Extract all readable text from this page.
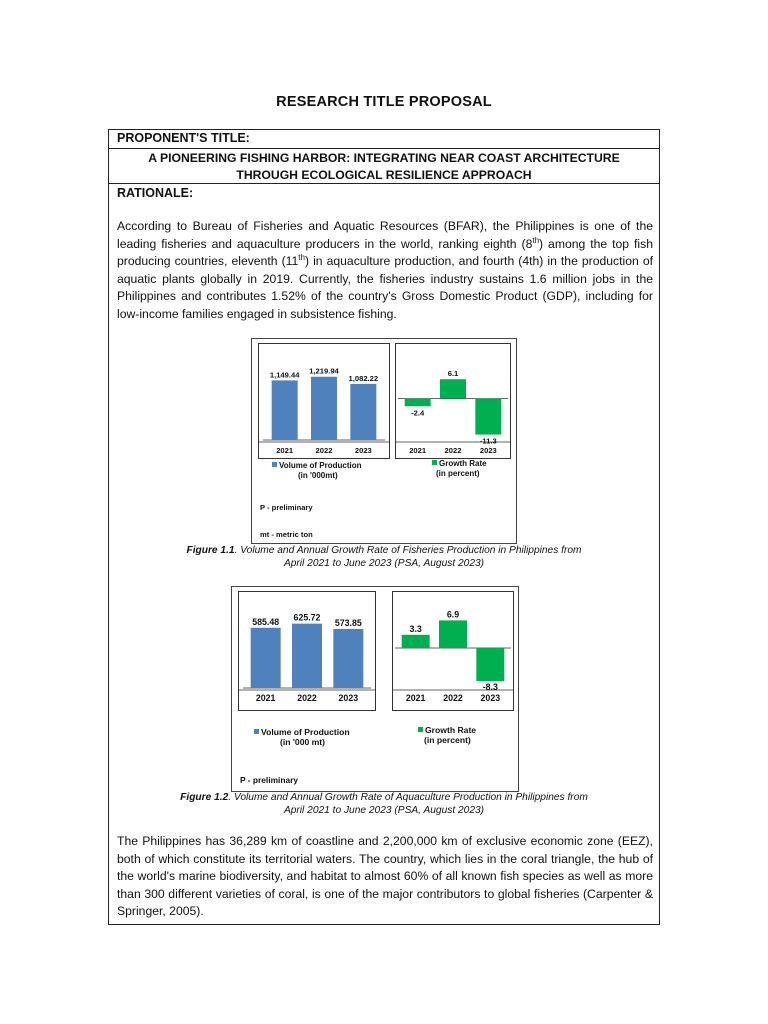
RESEARCH TITLE PROPOSAL
PROPONENT'S TITLE:
A PIONEERING FISHING HARBOR: INTEGRATING NEAR COAST ARCHITECTURE
THROUGH ECOLOGICAL RESILIENCE APPROACH
RATIONALE:

According to Bureau of Fisheries and Aquatic Resources (BFAR), the Philippines is one of the leading fisheries and aquaculture producers in the world, ranking eighth (8th) among the top fish producing countries, eleventh (11th) in aquaculture production, and fourth (4th) in the production of aquatic plants globally in 2019. Currently, the fisheries industry sustains 1.6 million jobs in the Philippines and contributes 1.52% of the country's Gross Domestic Product (GDP), including for low-income families engaged in subsistence fishing.

1,149.44
2021
1,219.94
2022
1,082.22
2023
-2.4
2021
6.1
2022
-11.3
2023
Volume of Production
(in '000mt)
Growth Rate
(in percent)

P - preliminary

mt - metric ton

Figure 1.1. Volume and Annual Growth Rate of Fisheries Production in Philippines from
April 2021 to June 2023 (PSA, August 2023)
585.48
2021
625.72
2022
573.85
2023
3.3
2021
6.9
2022
-8.3
2023
Volume of Production
(in '000 mt)
Growth Rate
(in percent)

P - preliminary

Figure 1.2. Volume and Annual Growth Rate of Aquaculture Production in Philippines from
April 2021 to June 2023 (PSA, August 2023)

The Philippines has 36,289 km of coastline and 2,200,000 km of exclusive economic zone (EEZ), both of which constitute its territorial waters. The country, which lies in the coral triangle, the hub of the world's marine biodiversity, and habitat to almost 60% of all known fish species as well as more than 300 different varieties of coral, is one of the major contributors to global fisheries (Carpenter & Springer, 2005).
